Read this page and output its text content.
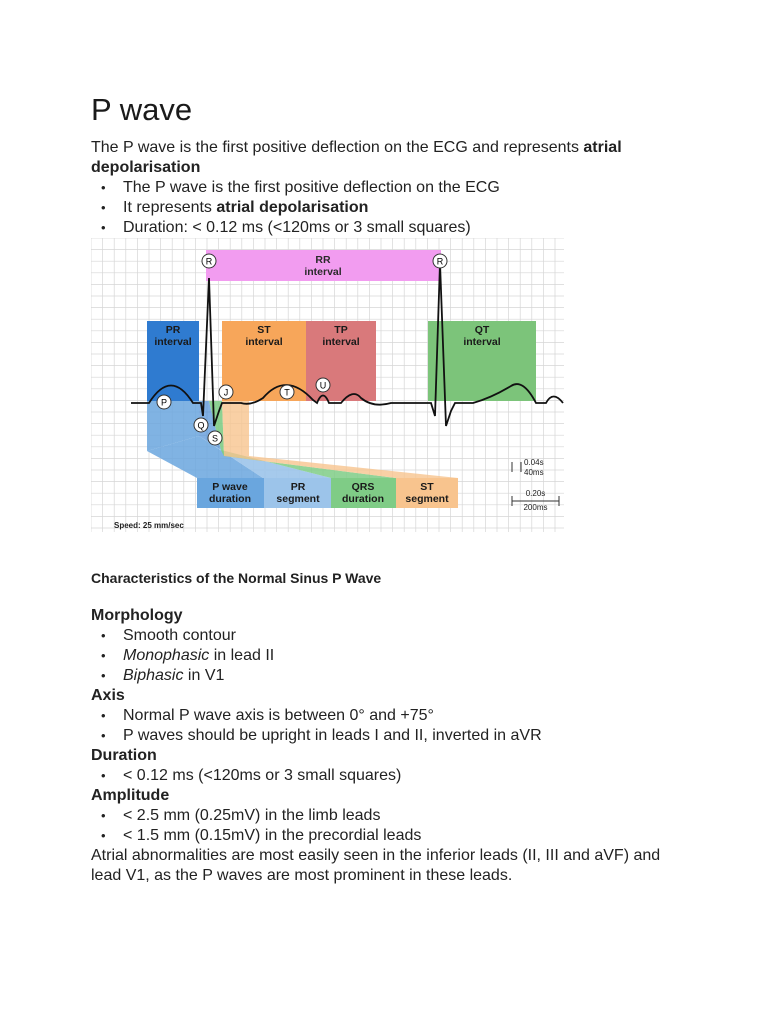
P wave

The P wave is the first positive deflection on the ECG and represents atrial depolarisation

• The P wave is the first positive deflection on the ECG
• It represents atrial depolarisation
• Duration: < 0.12 ms (<120ms or 3 small squares)
R	R
P
Q
S
J	T
U
RR
interval
PR
interval
ST
interval
TP
interval
QT
interval
P wave
duration
PR
segment
QRS
duration
ST
segment
0.04s
40ms
0.20s
200ms
Speed: 25 mm/sec
Characteristics of the Normal Sinus P Wave

Morphology

• Smooth contour
• Monophasic in lead II
• Biphasic in V1

Axis

• Normal P wave axis is between 0° and +75°
• P waves should be upright in leads I and II, inverted in aVR

Duration

• < 0.12 ms (<120ms or 3 small squares)

Amplitude

• < 2.5 mm (0.25mV) in the limb leads
• < 1.5 mm (0.15mV) in the precordial leads

Atrial abnormalities are most easily seen in the inferior leads (II, III and aVF) and lead V1, as the P waves are most prominent in these leads.
